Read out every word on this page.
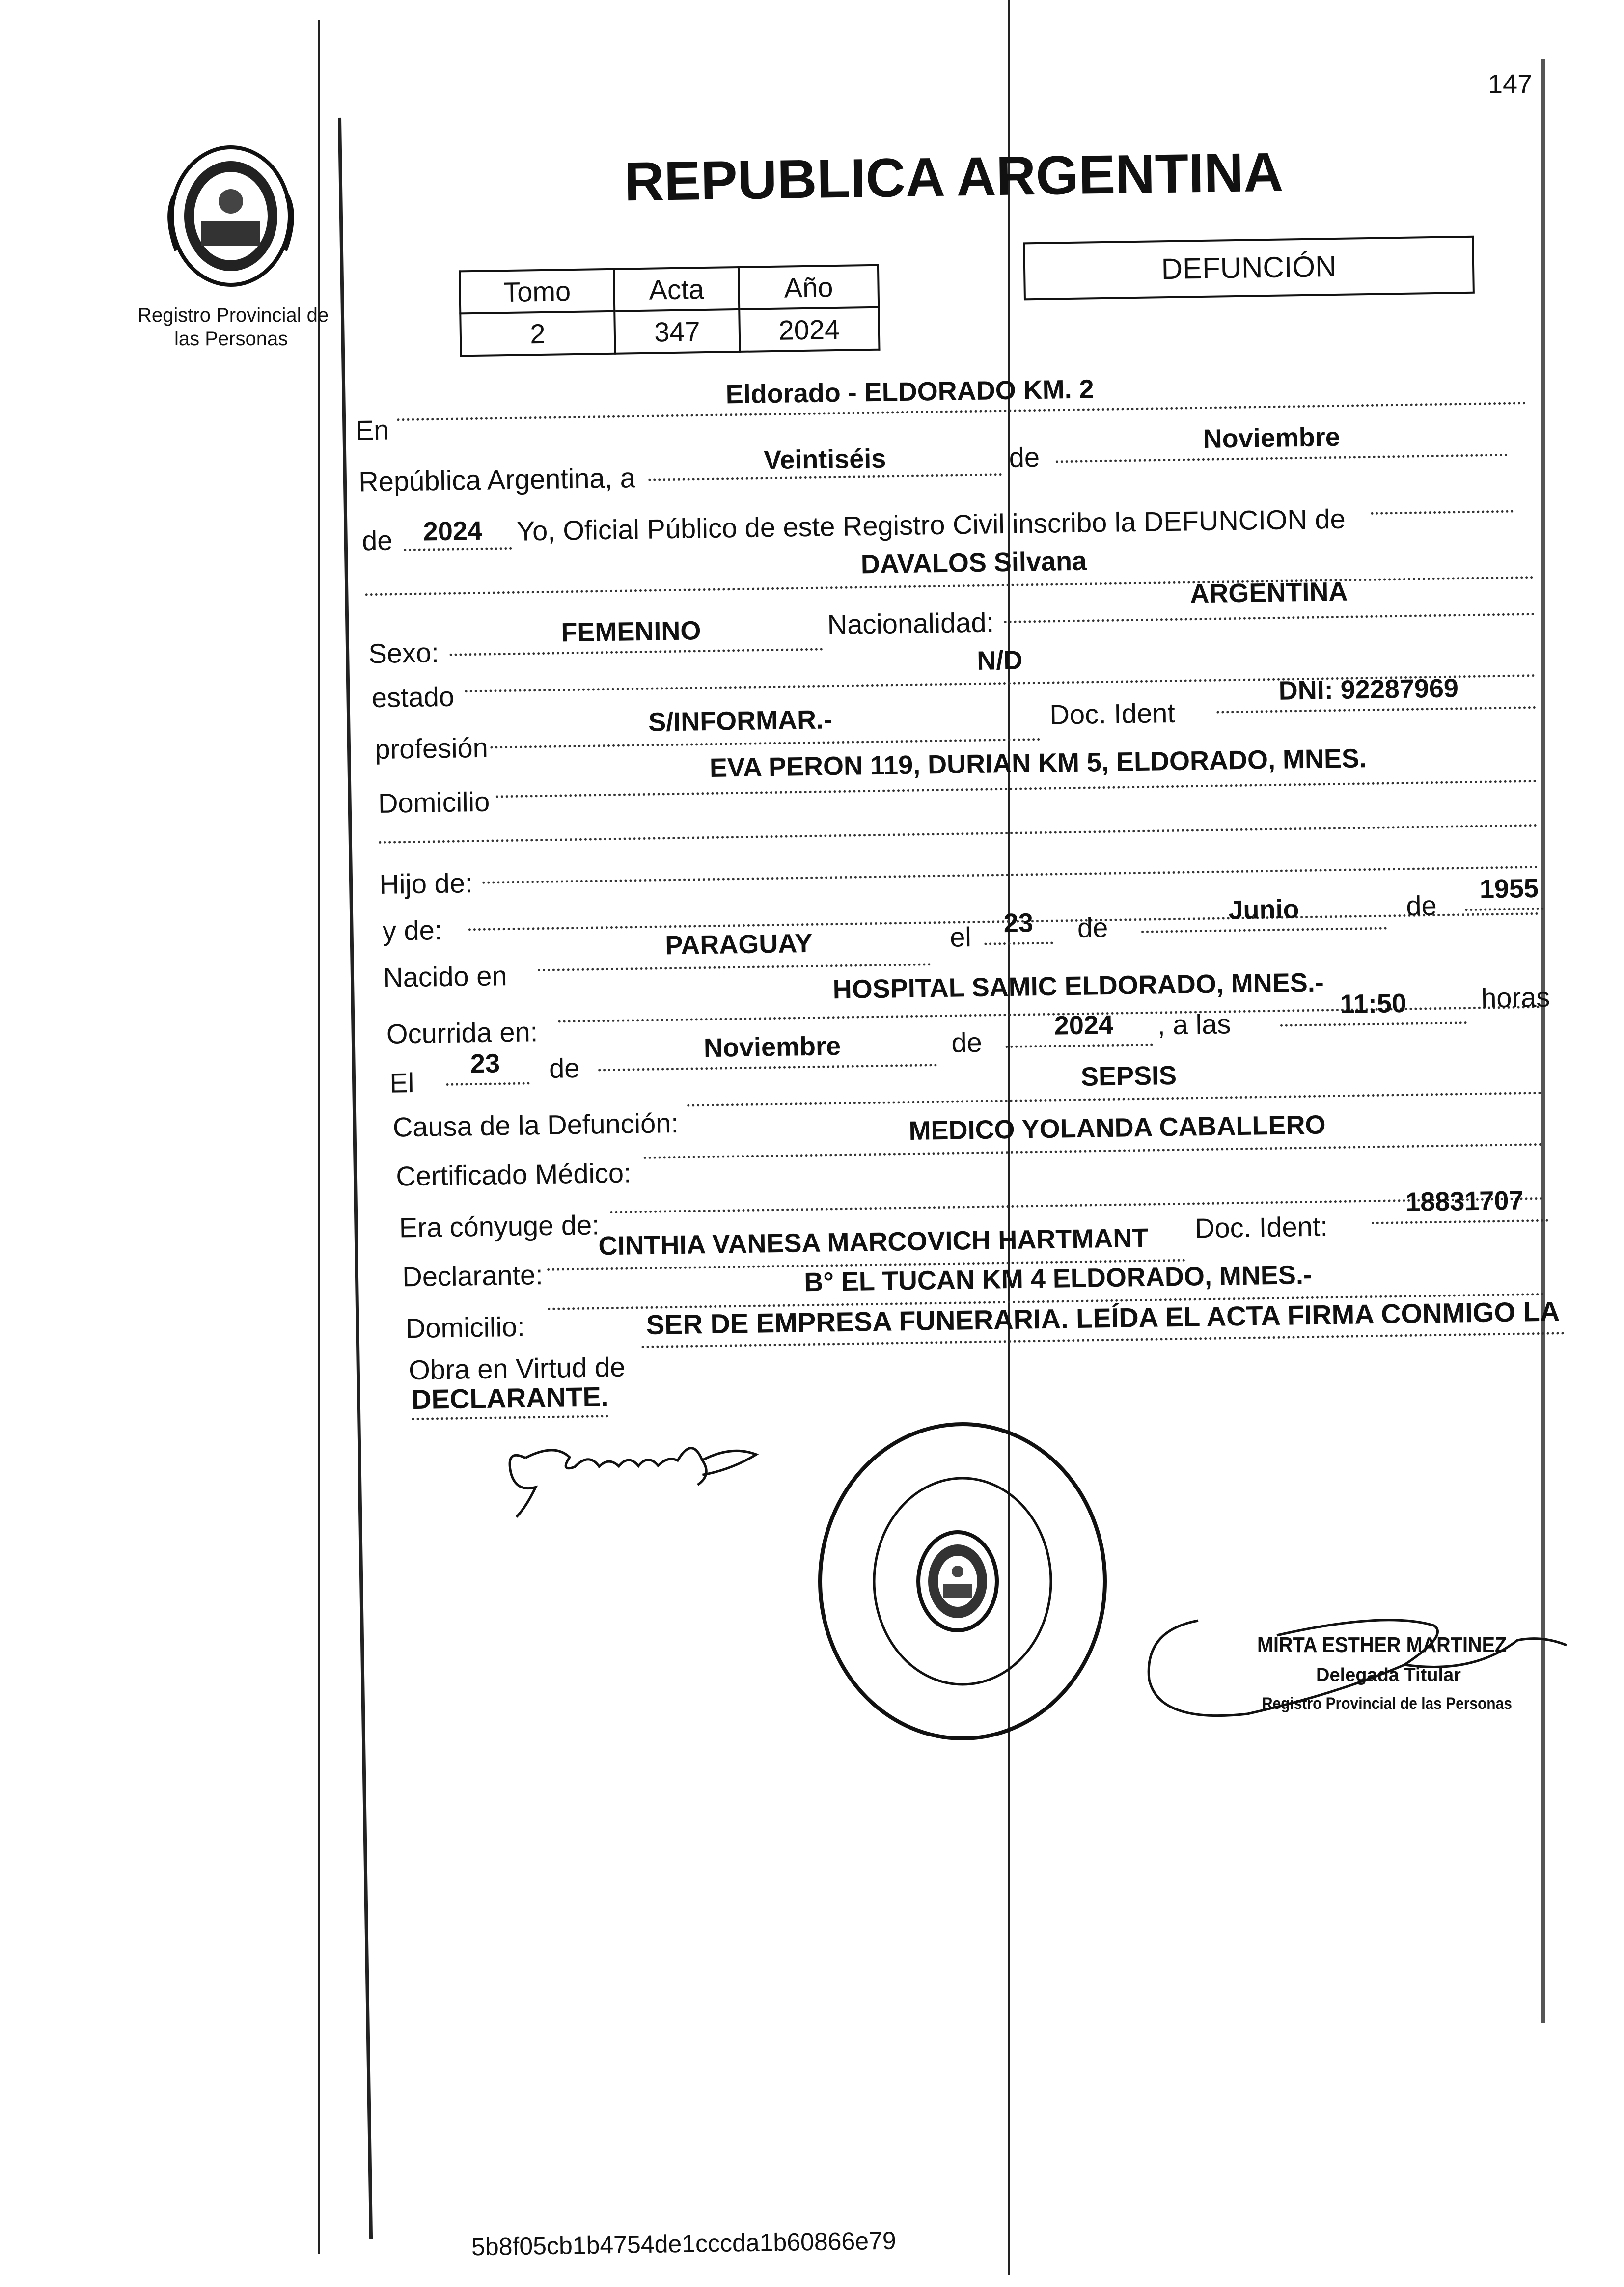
147
Registro Provincial de
las Personas
REPUBLICA ARGENTINA
Tomo	Acta	Año
2	347	2024
DEFUNCIÓN
Eldorado - ELDORADO KM. 2
En
República Argentina, a
Veintiséis	de
Noviembre
de	2024	Yo, Oficial Público de este Registro Civil inscribo la DEFUNCION de
DAVALOS Silvana
Sexo:
FEMENINO	Nacionalidad:
ARGENTINA
estado
N/D
profesión
S/INFORMAR.-	Doc. Ident
DNI: 92287969
Domicilio
EVA PERON 119, DURIAN KM 5, ELDORADO, MNES.
Hijo de:
y de:
Nacido en
PARAGUAY	el	23	de
Junio	de
1955
Ocurrida en:
HOSPITAL SAMIC ELDORADO, MNES.-
El
23	de
Noviembre	de
2024	, a las
11:50	horas
Causa de la Defunción:
SEPSIS
Certificado Médico:
MEDICO YOLANDA CABALLERO
Era cónyuge de:
Declarante:
CINTHIA VANESA MARCOVICH HARTMANT	Doc. Ident:
18831707
Domicilio:
B° EL TUCAN KM 4 ELDORADO, MNES.-
Obra en Virtud de
SER DE EMPRESA FUNERARIA. LEÍDA EL ACTA FIRMA CONMIGO LA
DECLARANTE.
MIRTA ESTHER MARTINEZ
Delegada Titular
Registro Provincial de las Personas
5b8f05cb1b4754de1cccda1b60866e79
